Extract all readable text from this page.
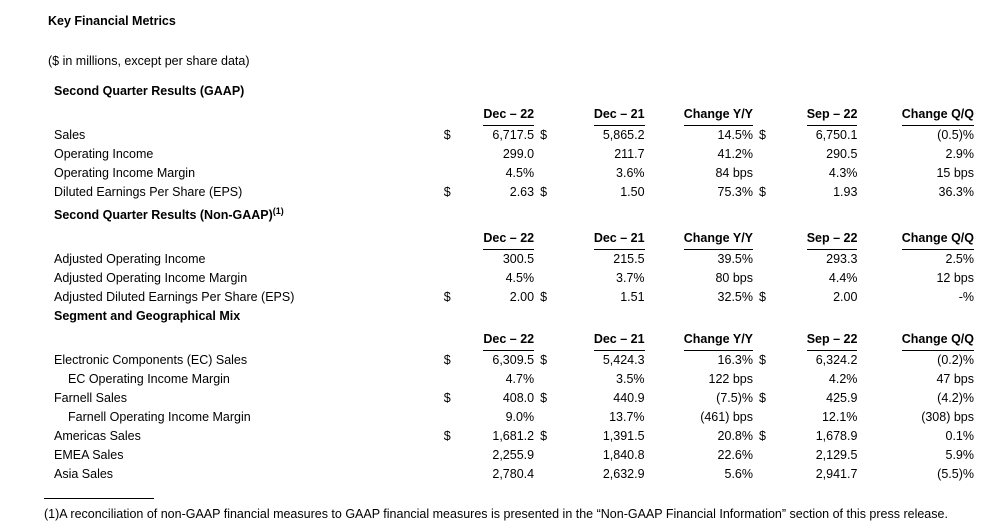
Key Financial Metrics
($ in millions, except per share data)
Second Quarter Results (GAAP)								

		Dec – 22		Dec – 21	Change Y/Y		Sep – 22	Change Q/Q
Sales	$	6,717.5	$	5,865.2	14.5%	$	6,750.1	(0.5)%
Operating Income		299.0		211.7	41.2%		290.5	2.9%
Operating Income Margin		4.5%		3.6%	84 bps		4.3%	15 bps
Diluted Earnings Per Share (EPS)	$	2.63	$	1.50	75.3%	$	1.93	36.3%
Second Quarter Results (Non-GAAP)$^{(1)}$

		Dec – 22		Dec – 21	Change Y/Y		Sep – 22	Change Q/Q
Adjusted Operating Income		300.5		215.5	39.5%		293.3	2.5%
Adjusted Operating Income Margin		4.5%		3.7%	80 bps		4.4%	12 bps
Adjusted Diluted Earnings Per Share (EPS)	$	2.00	$	1.51	32.5%	$	2.00	-%
Segment and Geographical Mix								

		Dec – 22		Dec – 21	Change Y/Y		Sep – 22	Change Q/Q
Electronic Components (EC) Sales	$	6,309.5	$	5,424.3	16.3%	$	6,324.2	(0.2)%
EC Operating Income Margin		4.7%		3.5%	122 bps		4.2%	47 bps
Farnell Sales	$	408.0	$	440.9	(7.5)%	$	425.9	(4.2)%
Farnell Operating Income Margin		9.0%		13.7%	(461) bps		12.1%	(308) bps
Americas Sales	$	1,681.2	$	1,391.5	20.8%	$	1,678.9	0.1%
EMEA Sales		2,255.9		1,840.8	22.6%		2,129.5	5.9%
Asia Sales		2,780.4		2,632.9	5.6%		2,941.7	(5.5)%
(1)A reconciliation of non-GAAP financial measures to GAAP financial measures is presented in the “Non-GAAP Financial Information” section of this press release.
